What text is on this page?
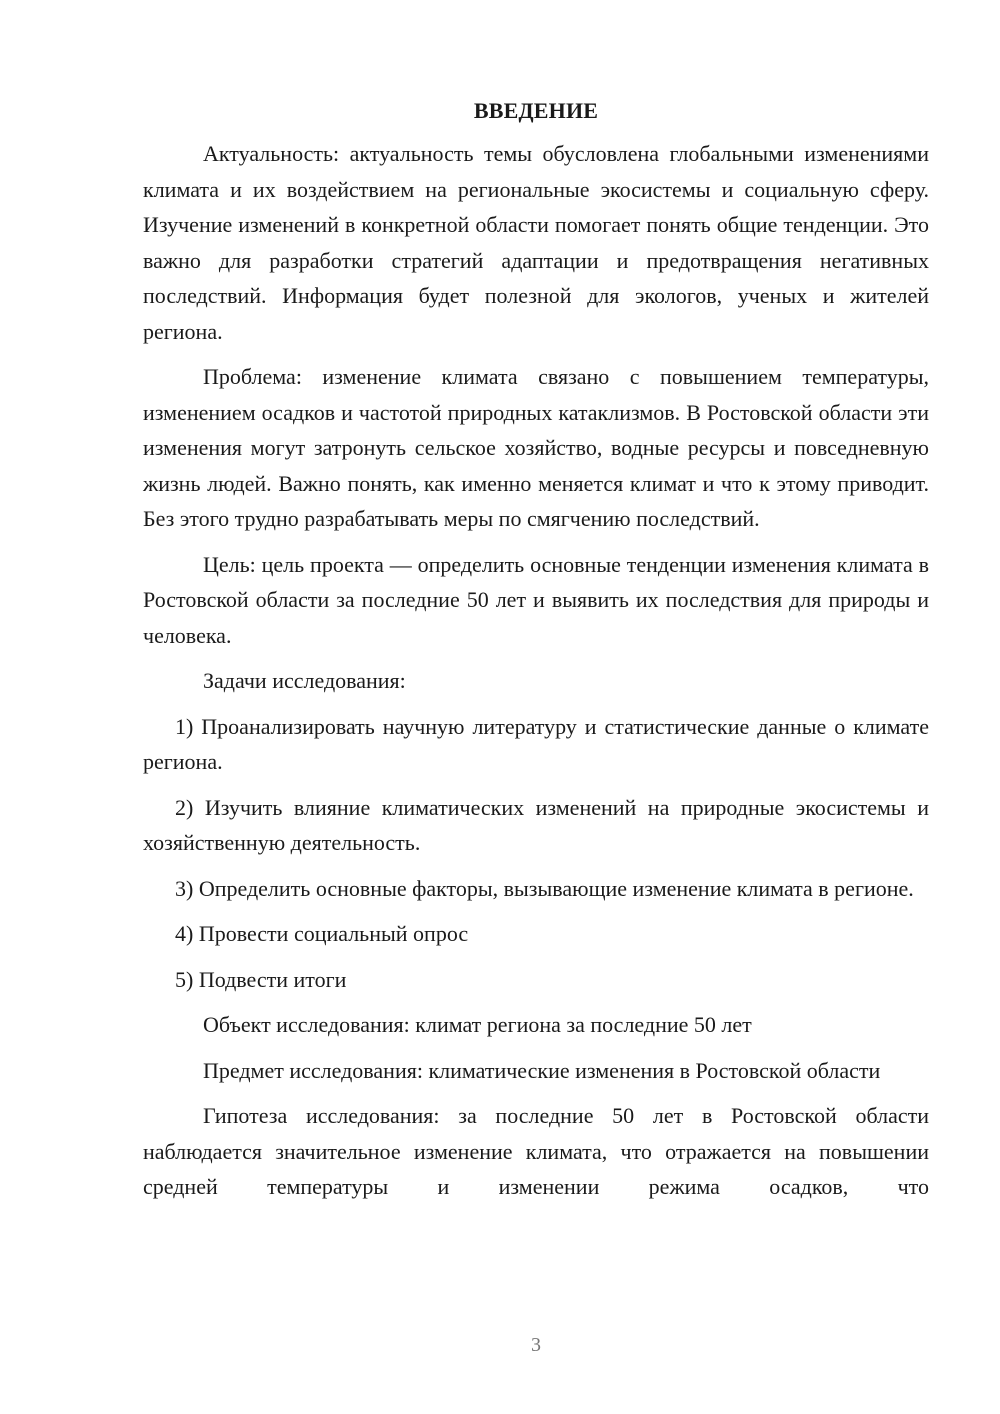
ВВЕДЕНИЕ

Актуальность: актуальность темы обусловлена глобальными изменениями климата и их воздействием на региональные экосистемы и социальную сферу. Изучение изменений в конкретной области помогает понять общие тенденции. Это важно для разработки стратегий адаптации и предотвращения негативных последствий. Информация будет полезной для экологов, ученых и жителей региона.

Проблема: изменение климата связано с повышением температуры, изменением осадков и частотой природных катаклизмов. В Ростовской области эти изменения могут затронуть сельское хозяйство, водные ресурсы и повседневную жизнь людей. Важно понять, как именно меняется климат и что к этому приводит. Без этого трудно разрабатывать меры по смягчению последствий.

Цель: цель проекта — определить основные тенденции изменения климата в Ростовской области за последние 50 лет и выявить их последствия для природы и человека.

Задачи исследования:

1) Проанализировать научную литературу и статистические данные о климате региона.

2) Изучить влияние климатических изменений на природные экосистемы и хозяйственную деятельность.

3) Определить основные факторы, вызывающие изменение климата в регионе.

4) Провести социальный опрос

5) Подвести итоги

Объект исследования: климат региона за последние 50 лет

Предмет исследования: климатические изменения в Ростовской области

Гипотеза исследования: за последние 50 лет в Ростовской области наблюдается значительное изменение климата, что отражается на повышении средней температуры и изменении режима осадков, что

3
